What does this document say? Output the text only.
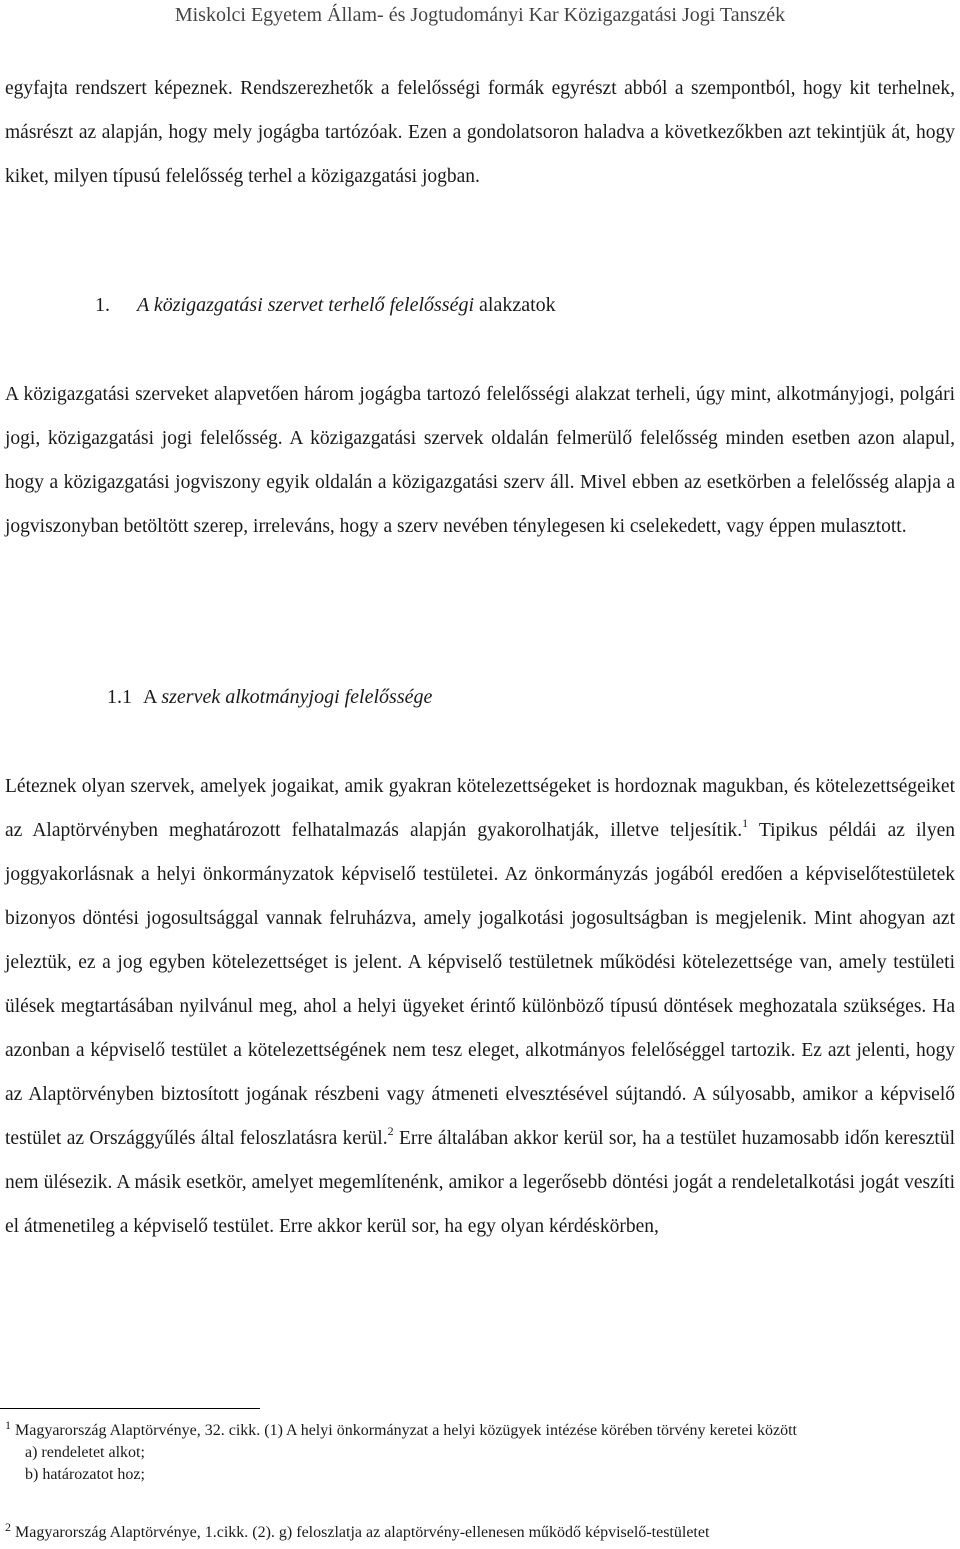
Miskolci Egyetem Állam- és Jogtudományi Kar Közigazgatási Jogi Tanszék

egyfajta rendszert képeznek. Rendszerezhetők a felelősségi formák egyrészt abból a szempontból, hogy kit terhelnek, másrészt az alapján, hogy mely jogágba tartózóak. Ezen a gondolatsoron haladva a következőkben azt tekintjük át, hogy kiket, milyen típusú felelősség terhel a közigazgatási jogban.

1. A közigazgatási szervet terhelő felelősségi alakzatok

A közigazgatási szerveket alapvetően három jogágba tartozó felelősségi alakzat terheli, úgy mint, alkotmányjogi, polgári jogi, közigazgatási jogi felelősség. A közigazgatási szervek oldalán felmerülő felelősség minden esetben azon alapul, hogy a közigazgatási jogviszony egyik oldalán a közigazgatási szerv áll. Mivel ebben az esetkörben a felelősség alapja a jogviszonyban betöltött szerep, irreleváns, hogy a szerv nevében ténylegesen ki cselekedett, vagy éppen mulasztott.

1.1 A szervek alkotmányjogi felelőssége

Léteznek olyan szervek, amelyek jogaikat, amik gyakran kötelezettségeket is hordoznak magukban, és kötelezettségeiket az Alaptörvényben meghatározott felhatalmazás alapján gyakorolhatják, illetve teljesítik.$^1$ Tipikus példái az ilyen joggyakorlásnak a helyi önkormányzatok képviselő testületei. Az önkormányzás jogából eredően a képviselőtestületek bizonyos döntési jogosultsággal vannak felruházva, amely jogalkotási jogosultságban is megjelenik. Mint ahogyan azt jeleztük, ez a jog egyben kötelezettséget is jelent. A képviselő testületnek működési kötelezettsége van, amely testületi ülések megtartásában nyilvánul meg, ahol a helyi ügyeket érintő különböző típusú döntések meghozatala szükséges. Ha azonban a képviselő testület a kötelezettségének nem tesz eleget, alkotmányos felelőséggel tartozik. Ez azt jelenti, hogy az Alaptörvényben biztosított jogának részbeni vagy átmeneti elvesztésével sújtandó. A súlyosabb, amikor a képviselő testület az Országgyűlés által feloszlatásra kerül.$^2$ Erre általában akkor kerül sor, ha a testület huzamosabb időn keresztül nem ülésezik. A másik esetkör, amelyet megemlítenénk, amikor a legerősebb döntési jogát a rendeletalkotási jogát veszíti el átmenetileg a képviselő testület. Erre akkor kerül sor, ha egy olyan kérdéskörben,

$^1$ Magyarország Alaptörvénye, 32. cikk. (1) A helyi önkormányzat a helyi közügyek intézése körében törvény keretei között
a) rendeletet alkot;
b) határozatot hoz;
$^2$ Magyarország Alaptörvénye, 1.cikk. (2). g) feloszlatja az alaptörvény-ellenesen működő képviselő-testületet
